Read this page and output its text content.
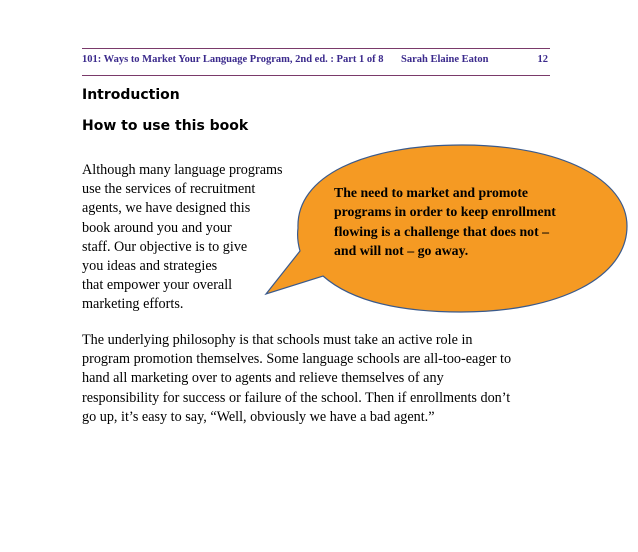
101: Ways to Market Your Language Program, 2nd ed. : Part 1 of 8 Sarah Elaine Eaton	12
Introduction
How to use this book
Although many language programs
use the services of recruitment
agents, we have designed this
book around you and your
staff. Our objective is to give
you ideas and strategies
that empower your overall
marketing efforts.
The need to market and promote
programs in order to keep enrollment
flowing is a challenge that does not –
and will not – go away.
The underlying philosophy is that schools must take an active role in
program promotion themselves. Some language schools are all-too-eager to
hand all marketing over to agents and relieve themselves of any
responsibility for success or failure of the school. Then if enrollments don’t
go up, it’s easy to say, “Well, obviously we have a bad agent.”
